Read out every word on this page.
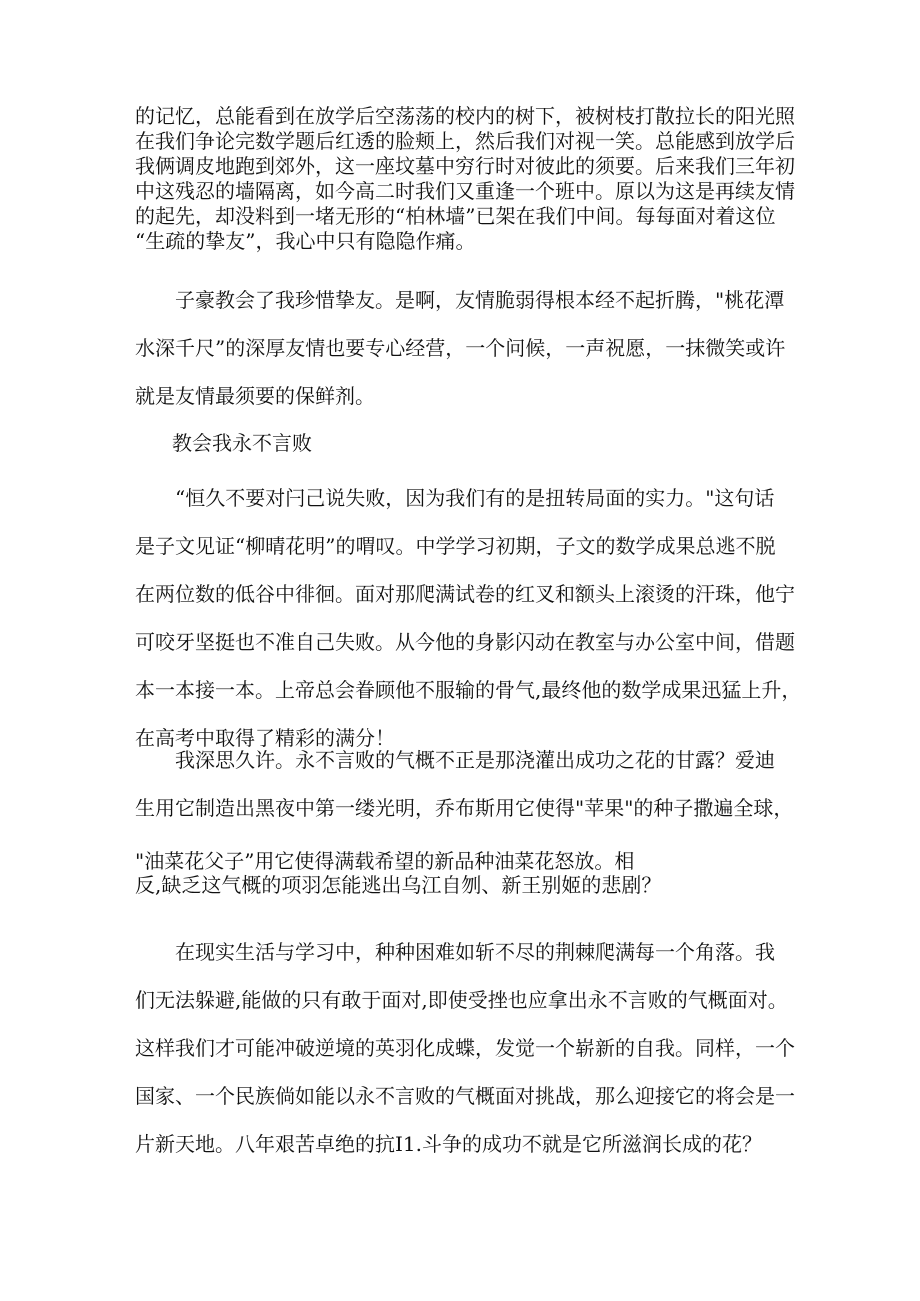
的记忆，总能看到在放学后空荡荡的校内的树下，被树枝打散拉长的阳光照
在我们争论完数学题后红透的脸颊上，然后我们对视一笑。总能感到放学后
我俩调皮地跑到郊外，这一座坟墓中穷行时对彼此的须要。后来我们三年初
中这残忍的墙隔离，如今高二时我们又重逢一个班中。原以为这是再续友情
的起先，却没料到一堵无形的“柏林墙”已架在我们中间。每每面对着这位
“生疏的挚友”，我心中只有隐隐作痛。

子豪教会了我珍惜挚友。是啊，友情脆弱得根本经不起折腾，"桃花潭
水深千尺”的深厚友情也要专心经营，一个问候，一声祝愿，一抹微笑或许
就是友情最须要的保鲜剂。

教会我永不言败

“恒久不要对闩己说失败，因为我们有的是扭转局面的实力。"这句话
是子文见证“柳晴花明”的喟叹。中学学习初期，子文的数学成果总逃不脱
在两位数的低谷中徘徊。面对那爬满试卷的红叉和额头上滚烫的汗珠，他宁
可咬牙坚挺也不准自己失败。从今他的身影闪动在教室与办公室中间，借题
本一本接一本。上帝总会眷顾他不服输的骨气,最终他的数学成果迅猛上升，
在高考中取得了精彩的满分！

我深思久许。永不言败的气概不正是那浇灌出成功之花的甘露？爱迪
生用它制造出黑夜中第一缕光明，乔布斯用它使得"苹果"的种子撒遍全球，

"油菜花父子”用它使得满载希望的新品种油菜花怒放。相
反,缺乏这气概的项羽怎能逃出乌江自刎、新王别姬的悲剧？

在现实生活与学习中，种种困难如斩不尽的荆棘爬满每一个角落。我
们无法躲避,能做的只有敢于面对,即使受挫也应拿出永不言败的气概面对。
这样我们才可能冲破逆境的英羽化成蝶，发觉一个崭新的自我。同样，一个
国家、一个民族倘如能以永不言败的气概面对挑战，那么迎接它的将会是一
片新天地。八年艰苦卓绝的抗I1.斗争的成功不就是它所滋润长成的花？
